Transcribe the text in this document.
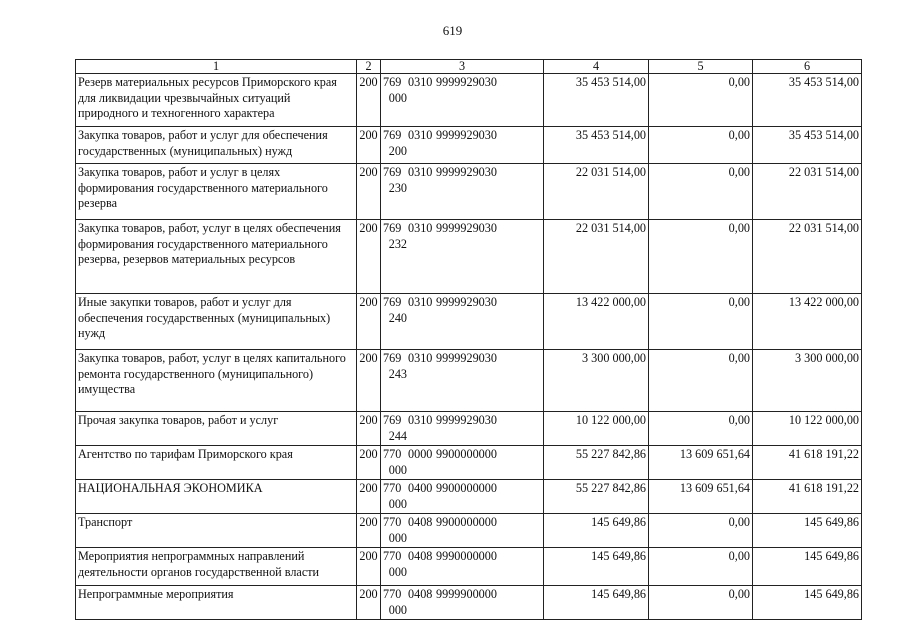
619
1	2	3	4	5	6
Резерв материальных ресурсов Приморского края для ликвидации чрезвычайных ситуаций природного и техногенного характера	200	769 0310 9999929030000	35 453 514,00	0,00	35 453 514,00
Закупка товаров, работ и услуг для обеспечения государственных (муниципальных) нужд	200	769 0310 9999929030200	35 453 514,00	0,00	35 453 514,00
Закупка товаров, работ и услуг в целях формирования государственного материального резерва	200	769 0310 9999929030230	22 031 514,00	0,00	22 031 514,00
Закупка товаров, работ, услуг в целях обеспечения формирования государственного материального резерва, резервов материальных ресурсов	200	769 0310 9999929030232	22 031 514,00	0,00	22 031 514,00
Иные закупки товаров, работ и услуг для обеспечения государственных (муниципальных) нужд	200	769 0310 9999929030240	13 422 000,00	0,00	13 422 000,00
Закупка товаров, работ, услуг в целях капитального ремонта государственного (муниципального) имущества	200	769 0310 9999929030243	3 300 000,00	0,00	3 300 000,00
Прочая закупка товаров, работ и услуг	200	769 0310 9999929030244	10 122 000,00	0,00	10 122 000,00
Агентство по тарифам Приморского края	200	770 0000 9900000000000	55 227 842,86	13 609 651,64	41 618 191,22
НАЦИОНАЛЬНАЯ ЭКОНОМИКА	200	770 0400 9900000000000	55 227 842,86	13 609 651,64	41 618 191,22
Транспорт	200	770 0408 9900000000000	145 649,86	0,00	145 649,86
Мероприятия непрограммных направлений деятельности органов государственной власти	200	770 0408 9990000000000	145 649,86	0,00	145 649,86
Непрограммные мероприятия	200	770 0408 9999900000000	145 649,86	0,00	145 649,86
